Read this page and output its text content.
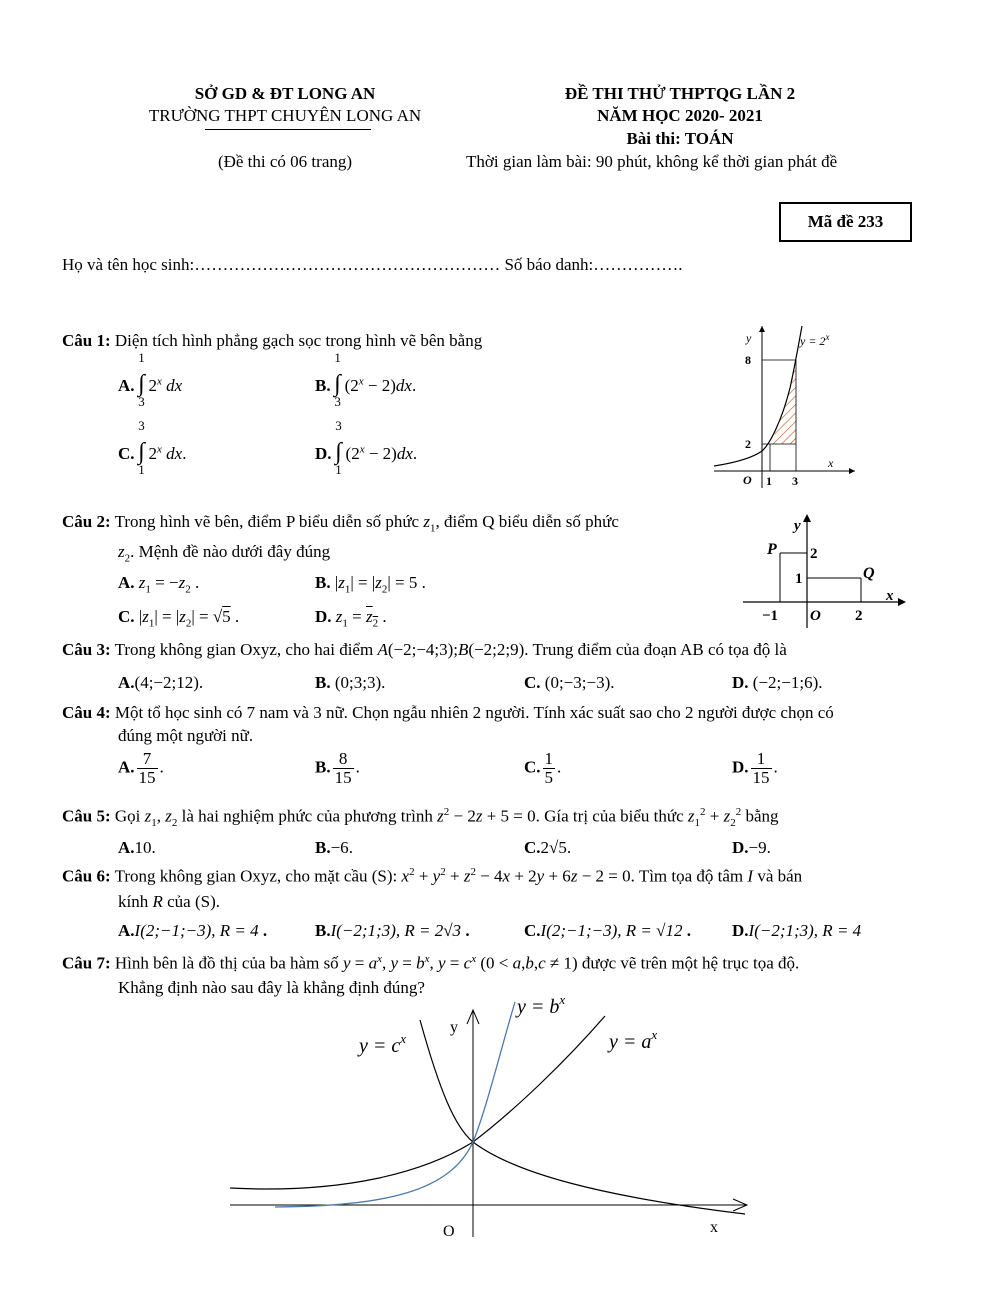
SỞ GD & ĐT LONG AN
TRƯỜNG THPT CHUYÊN LONG AN
(Đề thi có 06 trang)
ĐỀ THI THỬ THPTQG LẦN 2
NĂM HỌC 2020- 2021
Bài thi: TOÁN
Thời gian làm bài: 90 phút, không kể thời gian phát đề
Mã đề 233
Họ và tên học sinh:……………………………………………… Số báo danh:…………….
Câu 1: Diện tích hình phẳng gạch sọc trong hình vẽ bên bằng
A.
1
∫
3
2$^x$ dx	B.
1
∫
3
$(2^x - 2)dx$.
C.
3
∫
1
2$^x$ dx.	D.
3
∫
1
$(2^x - 2)dx$.
$y = 2^x$
y
x
O 1 3
2
8
Câu 2: Trong hình vẽ bên, điểm P biểu diễn số phức $z_1$, điểm Q biểu diễn số phức
$z_2$. Mệnh đề nào dưới đây đúng
A. $z_1 = -z_2$ .	B. $|z_1| = |z_2| = 5$ .
C. $|z_1| = |z_2| = √5$ .	D. $z_1 = z_2$ .
y
P 2
1	Q
x
−1 O 2
Câu 3: Trong không gian Oxyz, cho hai điểm A(−2;−4;3);B(−2;2;9). Trung điểm của đoạn AB có tọa độ là
A.(4;−2;12).	B. (0;3;3).	C. (0;−3;−3).	D. (−2;−1;6).
Câu 4: Một tổ học sinh có 7 nam và 3 nữ. Chọn ngẫu nhiên 2 người. Tính xác suất sao cho 2 người được chọn có
đúng một người nữ.
A. $\frac{7}{15}$ .	B. $\frac{8}{15}$ .	C. $\frac{1}{5}$ .	D. $\frac{1}{15}$ .
Câu 5: Gọi $z_1$, $z_2$ là hai nghiệm phức của phương trình $z^2 - 2z + 5 = 0$. Gía trị của biểu thức $z_1^2 + z_2^2$ bằng
A.10.	B.−6.	C.2√5.	D.−9.
Câu 6: Trong không gian Oxyz, cho mặt cầu (S): $x^2 + y^2 + z^2 - 4x + 2y + 6z - 2 = 0$. Tìm tọa độ tâm I và bán
kính R của (S).
A.I(2;−1;−3), R = 4 .	B.I(−2;1;3), R = 2√3 .	C.I(2;−1;−3), R = √12 . D.I(−2;1;3), R = 4
Câu 7: Hình bên là đồ thị của ba hàm số $y = a^x$, $y = b^x$, $y = c^x$ (0 < a,b,c ≠ 1) được vẽ trên một hệ trục tọa độ.
Khẳng định nào sau đây là khẳng định đúng?
$y = c^x$
$y = b^x$
$y = a^x$
y
x
O
